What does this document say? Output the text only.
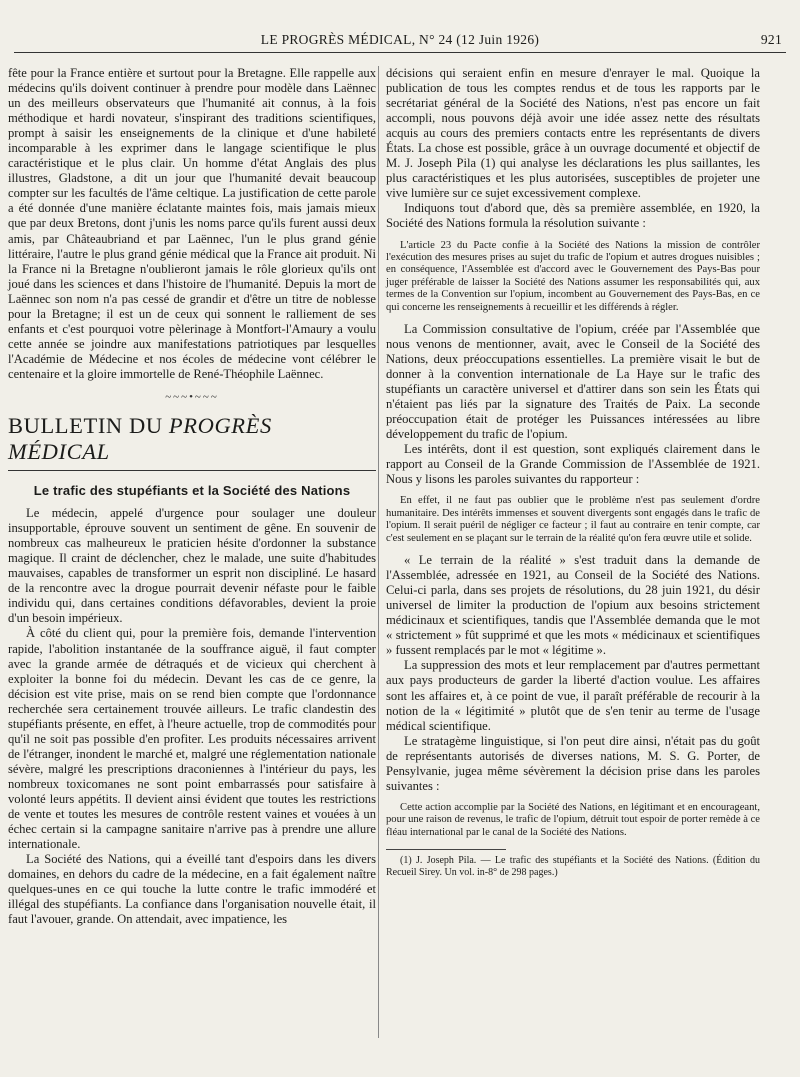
LE PROGRÈS MÉDICAL, N° 24 (12 Juin 1926)	921

fête pour la France entière et surtout pour la Bretagne. Elle rappelle aux médecins qu'ils doivent continuer à prendre pour modèle dans Laënnec un des meilleurs observateurs que l'humanité ait connus, à la fois méthodique et hardi novateur, s'inspirant des traditions scientifiques, prompt à saisir les enseignements de la clinique et d'une habileté incomparable à les exprimer dans le langage scientifique le plus caractéristique et le plus clair. Un homme d'état Anglais des plus illustres, Gladstone, a dit un jour que l'humanité devait beaucoup compter sur les facultés de l'âme celtique. La justification de cette parole a été donnée d'une manière éclatante maintes fois, mais jamais mieux que par deux Bretons, dont j'unis les noms parce qu'ils furent aussi deux amis, par Châteaubriand et par Laënnec, l'un le plus grand génie littéraire, l'autre le plus grand génie médical que la France ait produit. Ni la France ni la Bretagne n'oublieront jamais le rôle glorieux qu'ils ont joué dans les sciences et dans l'histoire de l'humanité. Depuis la mort de Laënnec son nom n'a pas cessé de grandir et d'être un titre de noblesse pour la Bretagne; il est un de ceux qui sonnent le ralliement de ses enfants et c'est pourquoi votre pèlerinage à Montfort-l'Amaury a voulu cette année se joindre aux manifestations patriotiques par lesquelles l'Académie de Médecine et nos écoles de médecine vont célébrer le centenaire et la gloire immortelle de René-Théophile Laënnec.

~~~•~~~
BULLETIN DU PROGRÈS MÉDICAL
Le trafic des stupéfiants et la Société des Nations

Le médecin, appelé d'urgence pour soulager une douleur insupportable, éprouve souvent un sentiment de gêne. En souvenir de nombreux cas malheureux le praticien hésite d'ordonner la substance magique. Il craint de déclencher, chez le malade, une suite d'habitudes mauvaises, capables de transformer un esprit non discipliné. Le hasard de la rencontre avec la drogue pourrait devenir néfaste pour le faible individu qui, dans certaines conditions défavorables, devient la proie d'un besoin impérieux.

À côté du client qui, pour la première fois, demande l'intervention rapide, l'abolition instantanée de la souffrance aiguë, il faut compter avec la grande armée de détraqués et de vicieux qui cherchent à exploiter la bonne foi du médecin. Devant les cas de ce genre, la décision est vite prise, mais on se rend bien compte que l'ordonnance recherchée sera certainement trouvée ailleurs. Le trafic clandestin des stupéfiants présente, en effet, à l'heure actuelle, trop de commodités pour qu'il ne soit pas possible d'en profiter. Les produits nécessaires arrivent de l'étranger, inondent le marché et, malgré une réglementation nationale sévère, malgré les prescriptions draconiennes à l'intérieur du pays, les nombreux toxicomanes ne sont point embarrassés pour satisfaire à volonté leurs appétits. Il devient ainsi évident que toutes les restrictions de vente et toutes les mesures de contrôle restent vaines et vouées à un échec certain si la campagne sanitaire n'arrive pas à prendre une allure internationale.

La Société des Nations, qui a éveillé tant d'espoirs dans les divers domaines, en dehors du cadre de la médecine, en a fait également naître quelques-unes en ce qui touche la lutte contre le trafic immodéré et illégal des stupéfiants. La confiance dans l'organisation nouvelle était, il faut l'avouer, grande. On attendait, avec impatience, les

décisions qui seraient enfin en mesure d'enrayer le mal. Quoique la publication de tous les comptes rendus et de tous les rapports par le secrétariat général de la Société des Nations, n'est pas encore un fait accompli, nous pouvons déjà avoir une idée assez nette des résultats acquis au cours des premiers contacts entre les représentants de divers États. La chose est possible, grâce à un ouvrage documenté et objectif de M. J. Joseph Pila (1) qui analyse les déclarations les plus saillantes, les plus caractéristiques et les plus autorisées, susceptibles de projeter une vive lumière sur ce sujet excessivement complexe.

Indiquons tout d'abord que, dès sa première assemblée, en 1920, la Société des Nations formula la résolution suivante :

L'article 23 du Pacte confie à la Société des Nations la mission de contrôler l'exécution des mesures prises au sujet du trafic de l'opium et autres drogues nuisibles ; en conséquence, l'Assemblée est d'accord avec le Gouvernement des Pays-Bas pour juger préférable de laisser la Société des Nations assumer les responsabilités qui, aux termes de la Convention sur l'opium, incombent au Gouvernement des Pays-Bas, en ce qui concerne les renseignements à recueillir et les différends à régler.

La Commission consultative de l'opium, créée par l'Assemblée que nous venons de mentionner, avait, avec le Conseil de la Société des Nations, deux préoccupations essentielles. La première visait le but de donner à la convention internationale de La Haye sur le trafic des stupéfiants un caractère universel et d'attirer dans son sein les États qui n'étaient pas liés par la signature des Traités de Paix. La seconde préoccupation était de protéger les Puissances intéressées au libre développement du trafic de l'opium.

Les intérêts, dont il est question, sont expliqués clairement dans le rapport au Conseil de la Grande Commission de l'Assemblée de 1921. Nous y lisons les paroles suivantes du rapporteur :

En effet, il ne faut pas oublier que le problème n'est pas seulement d'ordre humanitaire. Des intérêts immenses et souvent divergents sont engagés dans le trafic de l'opium. Il serait puéril de négliger ce facteur ; il faut au contraire en tenir compte, car c'est seulement en se plaçant sur le terrain de la réalité qu'on fera œuvre utile et solide.

« Le terrain de la réalité » s'est traduit dans la demande de l'Assemblée, adressée en 1921, au Conseil de la Société des Nations. Celui-ci parla, dans ses projets de résolutions, du 28 juin 1921, du désir universel de limiter la production de l'opium aux besoins strictement médicinaux et scientifiques, tandis que l'Assemblée demanda que le mot « strictement » fût supprimé et que les mots « médicinaux et scientifiques » fussent remplacés par le mot « légitime ».

La suppression des mots et leur remplacement par d'autres permettant aux pays producteurs de garder la liberté d'action voulue. Les affaires sont les affaires et, à ce point de vue, il paraît préférable de recourir à la notion de la « légitimité » plutôt que de s'en tenir au terme de l'usage médical scientifique.

Le stratagème linguistique, si l'on peut dire ainsi, n'était pas du goût de représentants autorisés de diverses nations, M. S. G. Porter, de Pensylvanie, jugea même sévèrement la décision prise dans les paroles suivantes :

Cette action accomplie par la Société des Nations, en légitimant et en encourageant, pour une raison de revenus, le trafic de l'opium, détruit tout espoir de porter remède à ce fléau international par le canal de la Société des Nations.

(1) J. Joseph Pila. — Le trafic des stupéfiants et la Société des Nations. (Édition du Recueil Sirey. Un vol. in-8° de 298 pages.)
